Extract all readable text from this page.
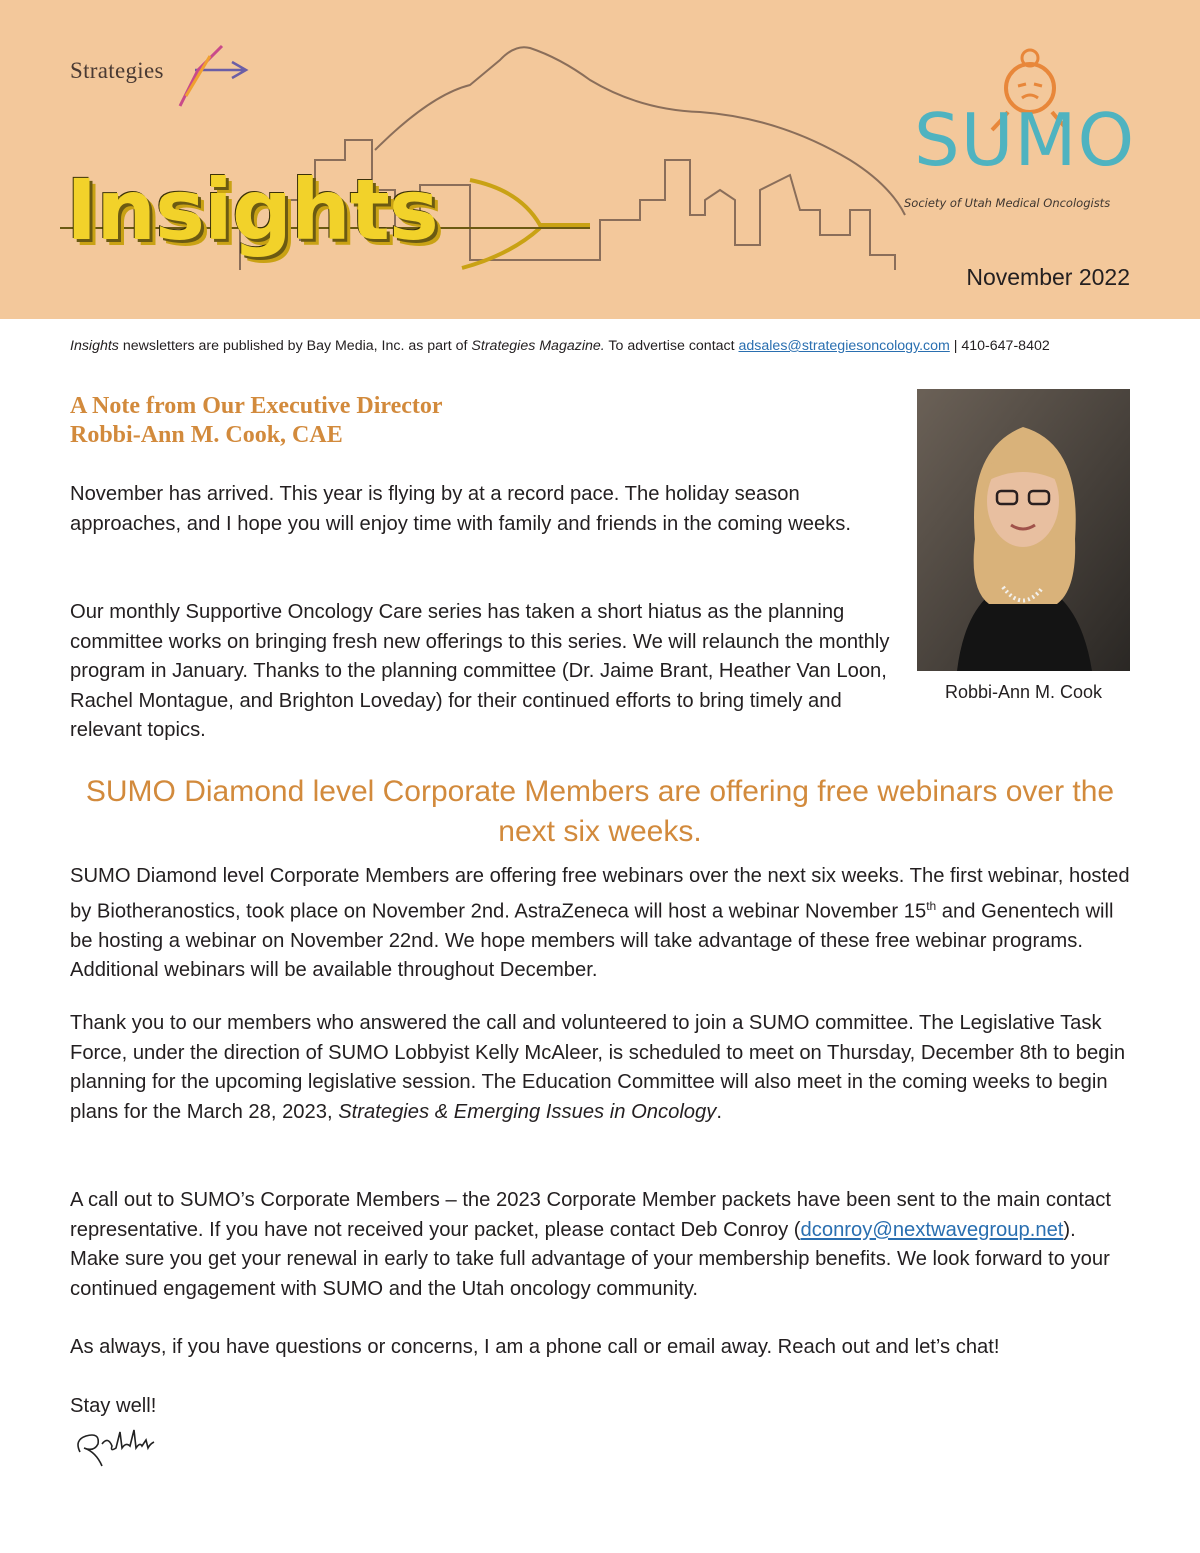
Strategies
Insights
SUMO
Society of Utah Medical Oncologists
November 2022
Insights newsletters are published by Bay Media, Inc. as part of Strategies Magazine. To advertise contact adsales@strategiesoncology.com | 410-647-8402
A Note from Our Executive Director
Robbi-Ann M. Cook, CAE

November has arrived. This year is flying by at a record pace. The holiday season approaches, and I hope you will enjoy time with family and friends in the coming weeks.

Our monthly Supportive Oncology Care series has taken a short hiatus as the planning committee works on bringing fresh new offerings to this series. We will relaunch the monthly program in January. Thanks to the planning committee (Dr. Jaime Brant, Heather Van Loon, Rachel Montague, and Brighton Loveday) for their continued efforts to bring timely and relevant topics.

Robbi-Ann M. Cook
SUMO Diamond level Corporate Members are offering free webinars over the next six weeks.

SUMO Diamond level Corporate Members are offering free webinars over the next six weeks. The first webinar, hosted by Biotheranostics, took place on November 2nd. AstraZeneca will host a webinar November 15th and Genentech will be hosting a webinar on November 22nd. We hope members will take advantage of these free webinar programs. Additional webinars will be available throughout December.

Thank you to our members who answered the call and volunteered to join a SUMO committee. The Legislative Task Force, under the direction of SUMO Lobbyist Kelly McAleer, is scheduled to meet on Thursday, December 8th to begin planning for the upcoming legislative session. The Education Committee will also meet in the coming weeks to begin plans for the March 28, 2023, Strategies & Emerging Issues in Oncology.

A call out to SUMO’s Corporate Members – the 2023 Corporate Member packets have been sent to the main contact representative. If you have not received your packet, please contact Deb Conroy (dconroy@nextwavegroup.net). Make sure you get your renewal in early to take full advantage of your membership benefits. We look forward to your continued engagement with SUMO and the Utah oncology community.

As always, if you have questions or concerns, I am a phone call or email away. Reach out and let’s chat!

Stay well!
